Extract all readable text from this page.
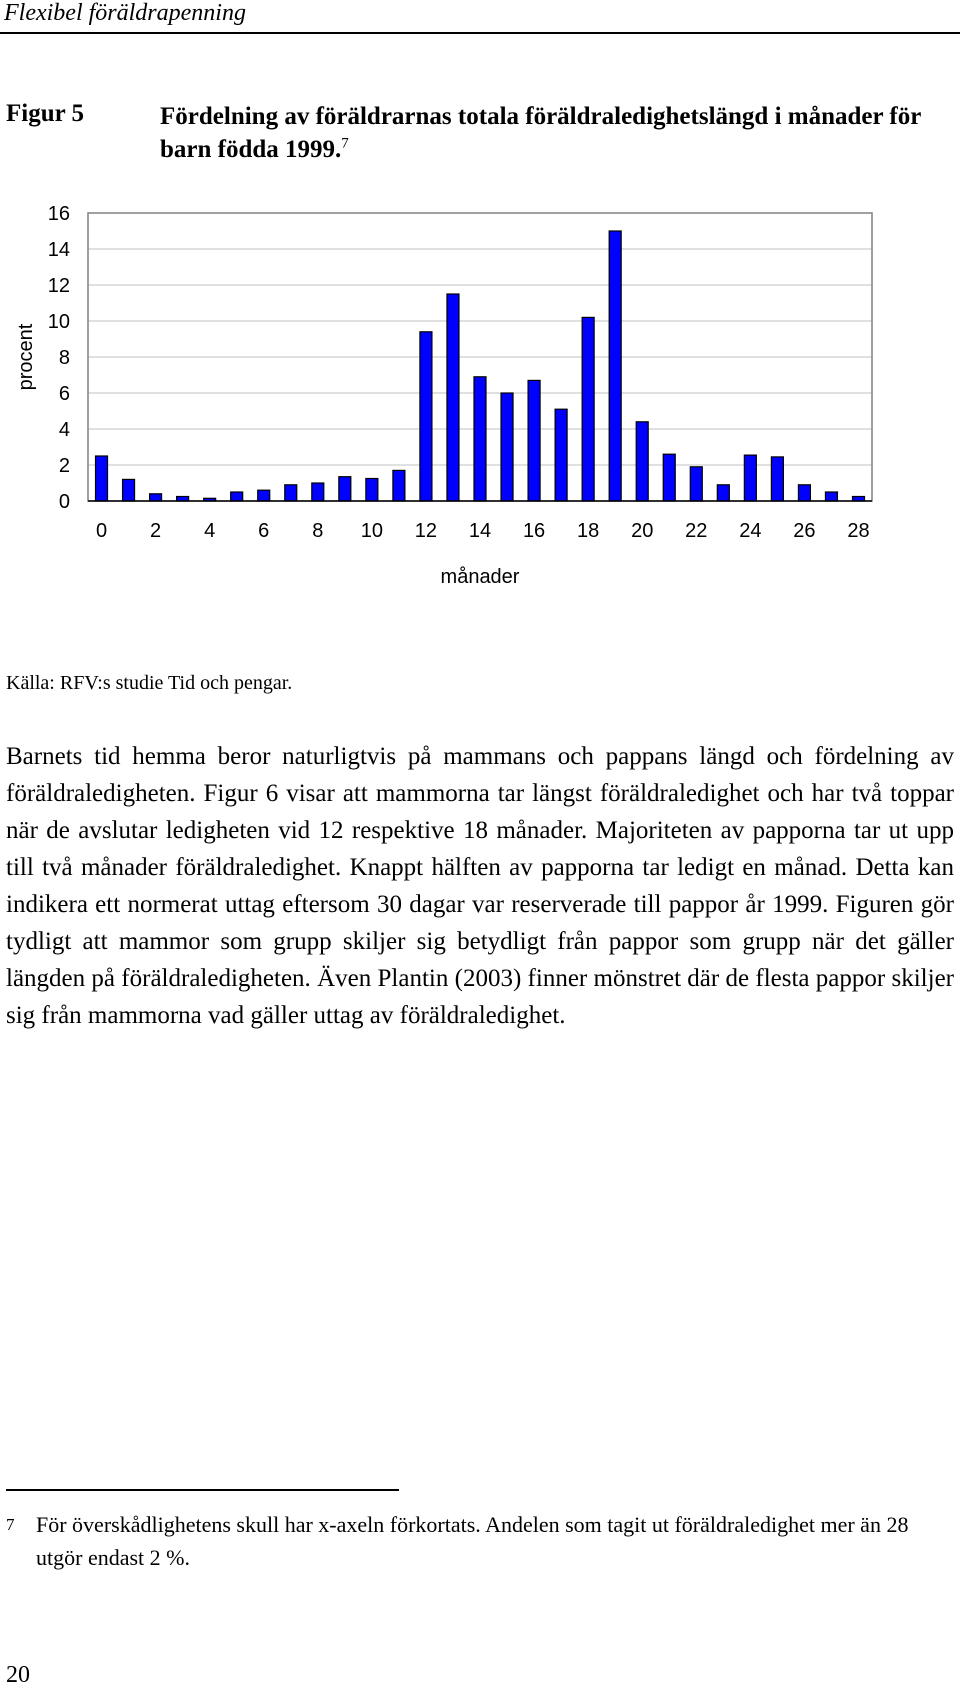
Flexibel föräldrapenning
Figur 5	Fördelning av föräldrarnas totala föräldraledighetslängd i månader för barn födda 1999.$^7$
0
2
4
6
8
10
12
14
16
0 2 4 6 8 10 12 14 16 18 20 22 24 26 28
procent
månader
Källa: RFV:s studie Tid och pengar.
Barnets tid hemma beror naturligtvis på mammans och pappans längd och fördelning av föräldraledigheten. Figur 6 visar att mammorna tar längst föräldraledighet och har två toppar när de avslutar ledigheten vid 12 respektive 18 månader. Majoriteten av papporna tar ut upp till två månader föräldraledighet. Knappt hälften av papporna tar ledigt en månad. Detta kan indikera ett normerat uttag eftersom 30 dagar var reserverade till pappor år 1999. Figuren gör tydligt att mammor som grupp skiljer sig betydligt från pappor som grupp när det gäller längden på föräldraledigheten. Även Plantin (2003) finner mönstret där de flesta pappor skiljer sig från mammorna vad gäller uttag av föräldraledighet.
7 För överskådlighetens skull har x-axeln förkortats. Andelen som tagit ut föräldraledighet mer än 28 utgör endast 2 %.
20
